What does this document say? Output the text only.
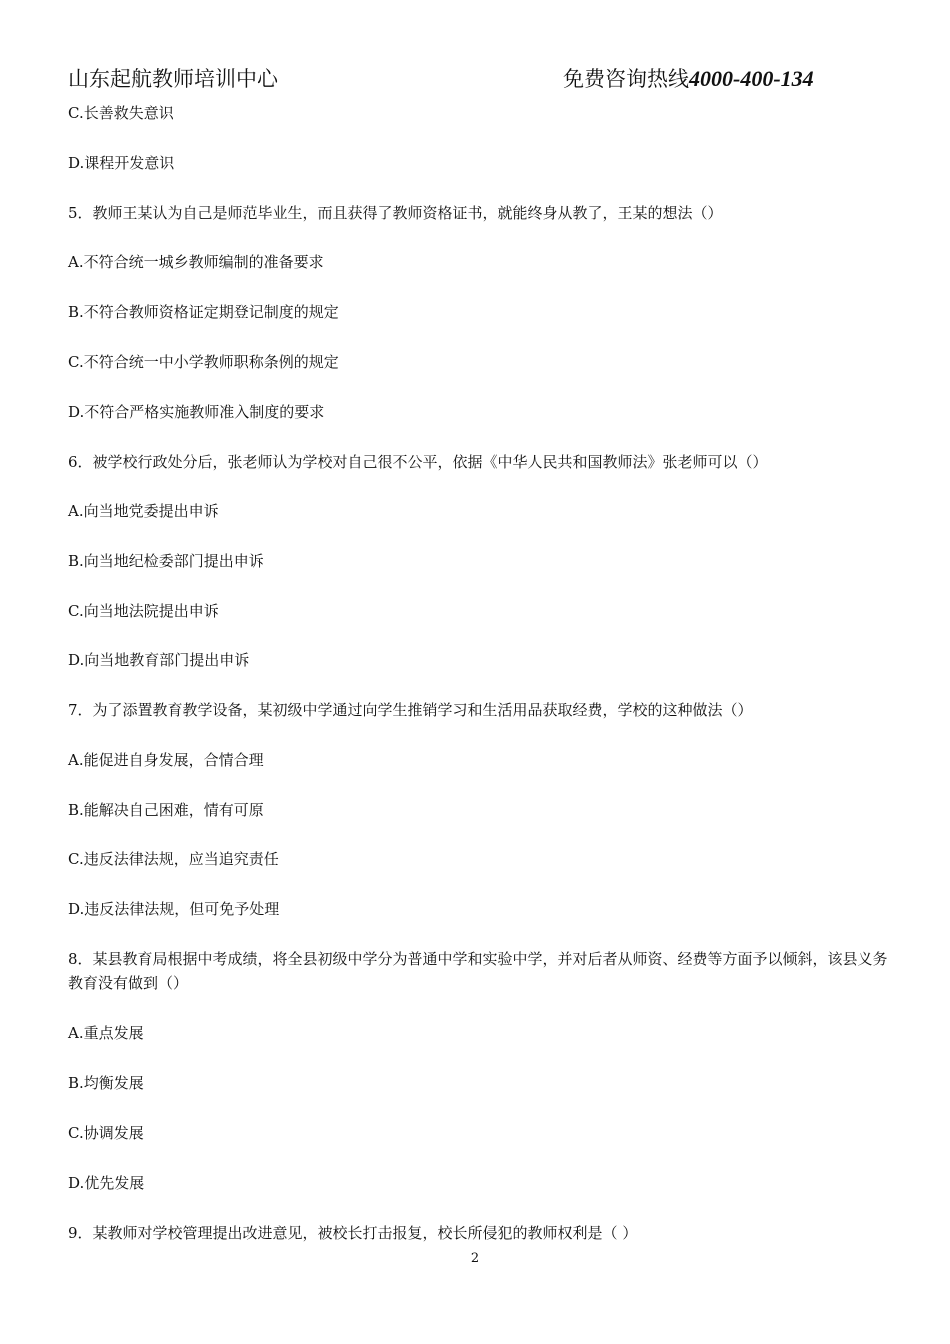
山东起航教师培训中心	免费咨询热线4000-400-134
C.长善救失意识
D.课程开发意识
5．教师王某认为自己是师范毕业生，而且获得了教师资格证书，就能终身从教了，王某的想法（）
A.不符合统一城乡教师编制的准备要求
B.不符合教师资格证定期登记制度的规定
C.不符合统一中小学教师职称条例的规定
D.不符合严格实施教师准入制度的要求
6．被学校行政处分后，张老师认为学校对自己很不公平，依据《中华人民共和国教师法》张老师可以（）
A.向当地党委提出申诉
B.向当地纪检委部门提出申诉
C.向当地法院提出申诉
D.向当地教育部门提出申诉
7．为了添置教育教学设备，某初级中学通过向学生推销学习和生活用品获取经费，学校的这种做法（）
A.能促进自身发展，合情合理
B.能解决自己困难，情有可原
C.违反法律法规，应当追究责任
D.违反法律法规，但可免予处理
8．某县教育局根据中考成绩，将全县初级中学分为普通中学和实验中学，并对后者从师资、经费等方面予以倾斜，该县义务教育没有做到（）
A.重点发展
B.均衡发展
C.协调发展
D.优先发展
9．某教师对学校管理提出改进意见，被校长打击报复，校长所侵犯的教师权利是（ ）
2
